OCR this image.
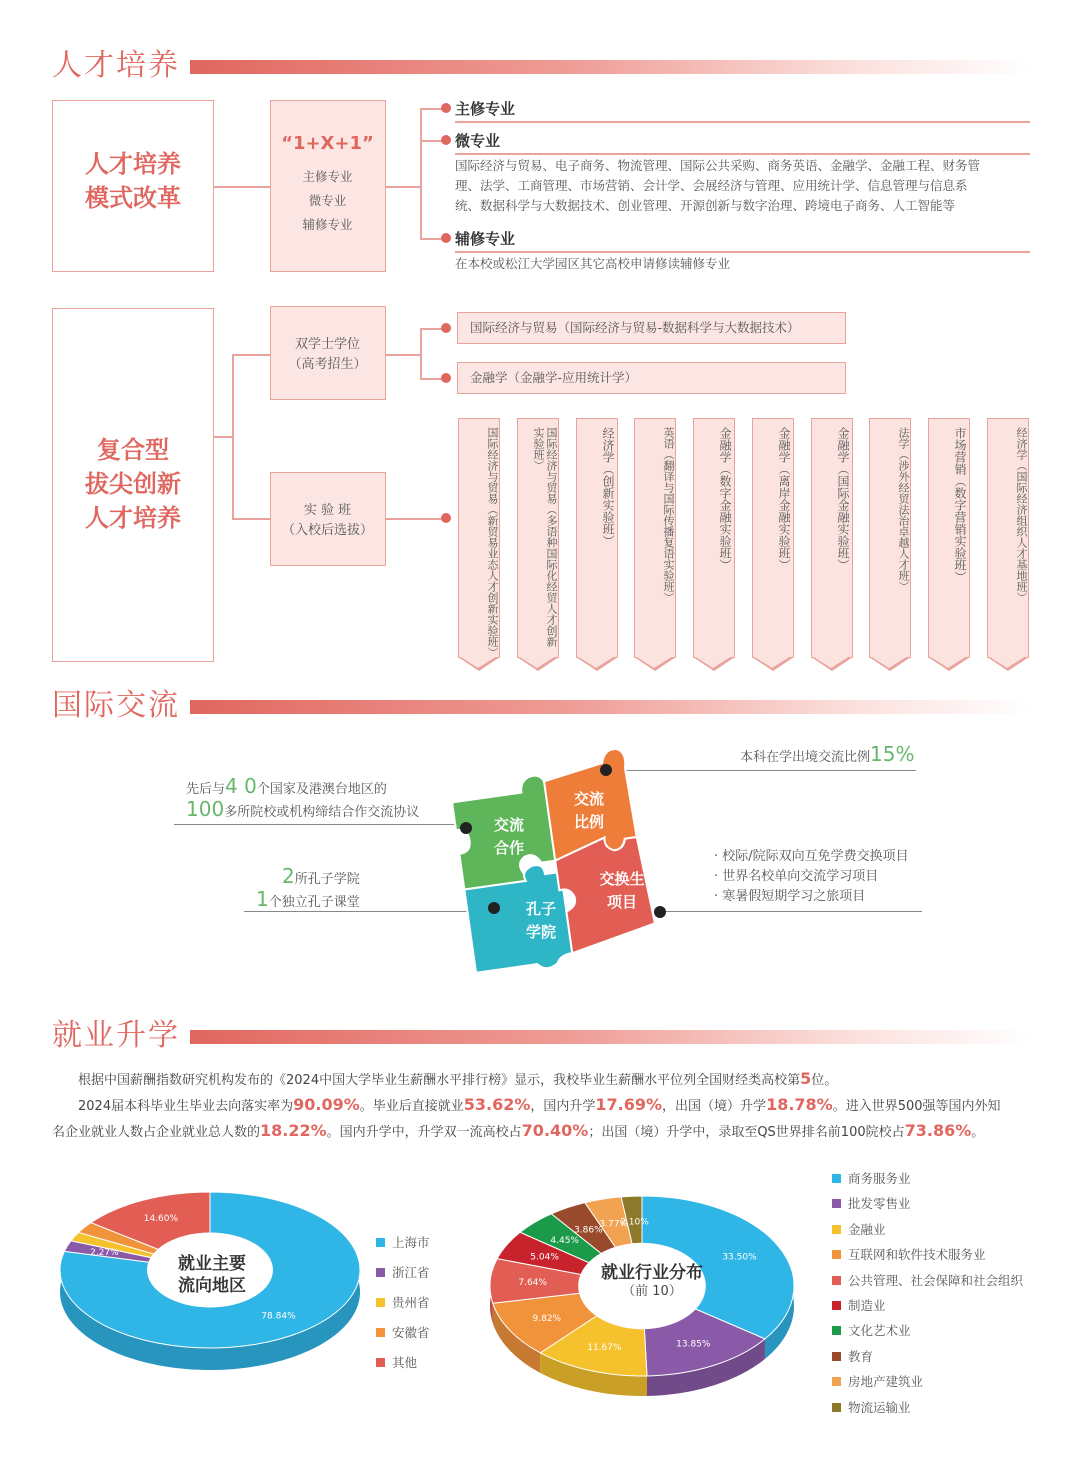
人才培养
人才培养
模式改革
“1+X+1”
主修专业
微专业
辅修专业
主修专业
微专业
国际经济与贸易、电子商务、物流管理、国际公共采购、商务英语、金融学、金融工程、财务管
理、法学、工商管理、市场营销、会计学、会展经济与管理、应用统计学、信息管理与信息系
统、数据科学与大数据技术、创业管理、开源创新与数字治理、跨境电子商务、人工智能等
辅修专业
在本校或松江大学园区其它高校申请修读辅修专业
复合型
拔尖创新
人才培养
双学士学位
（高考招生）
国际经济与贸易（国际经济与贸易-数据科学与大数据技术）
金融学（金融学-应用统计学）
实 验 班
（入校后选拔）	国际经济与贸易（新贸易业态人才创新实验班）	国际经济与贸易（多语种国际化经贸人才创新实验班）	经济学（创新实验班）	英语（翻译与国际传播复语实验班）	金融学（数字金融实验班）	金融学（离岸金融实验班）	金融学（国际金融实验班）	法学（涉外经贸法治卓越人才班）	市场营销（数字营销实验班）	经济学（国际经济组织人才基地班）
国际交流
先后与4 0个国家及港澳台地区的
100多所院校或机构缔结合作交流协议
2所孔子学院
1个独立孔子课堂
本科在学出境交流比例15%
· 校际/院际双向互免学费交换项目
· 世界名校单向交流学习项目
· 寒暑假短期学习之旅项目
交流
合作
交流
比例
孔子
学院
交换生
项目
就业升学
根据中国薪酬指数研究机构发布的《2024中国大学毕业生薪酬水平排行榜》显示，我校毕业生薪酬水平位列全国财经类高校第5位。
2024届本科毕业生毕业去向落实率为90.09%。毕业后直接就业53.62%，国内升学17.69%，出国（境）升学18.78%。进入世界500强等国内外知
名企业就业人数占企业就业总人数的18.22%。国内升学中，升学双一流高校占70.40%；出国（境）升学中，录取至QS世界排名前100院校占73.86%。
78.84%
2.27%
14.60%
就业主要流向地区
上海市
浙江省
贵州省
安徽省
其他
33.50%
13.85%
11.67%
9.82%
7.64%
5.04%
4.45%
3.86%
3.77%
2.10%
就业行业分布
（前 10）
商务服务业
批发零售业
金融业
互联网和软件技术服务业
公共管理、社会保障和社会组织
制造业
文化艺术业
教育
房地产建筑业
物流运输业
